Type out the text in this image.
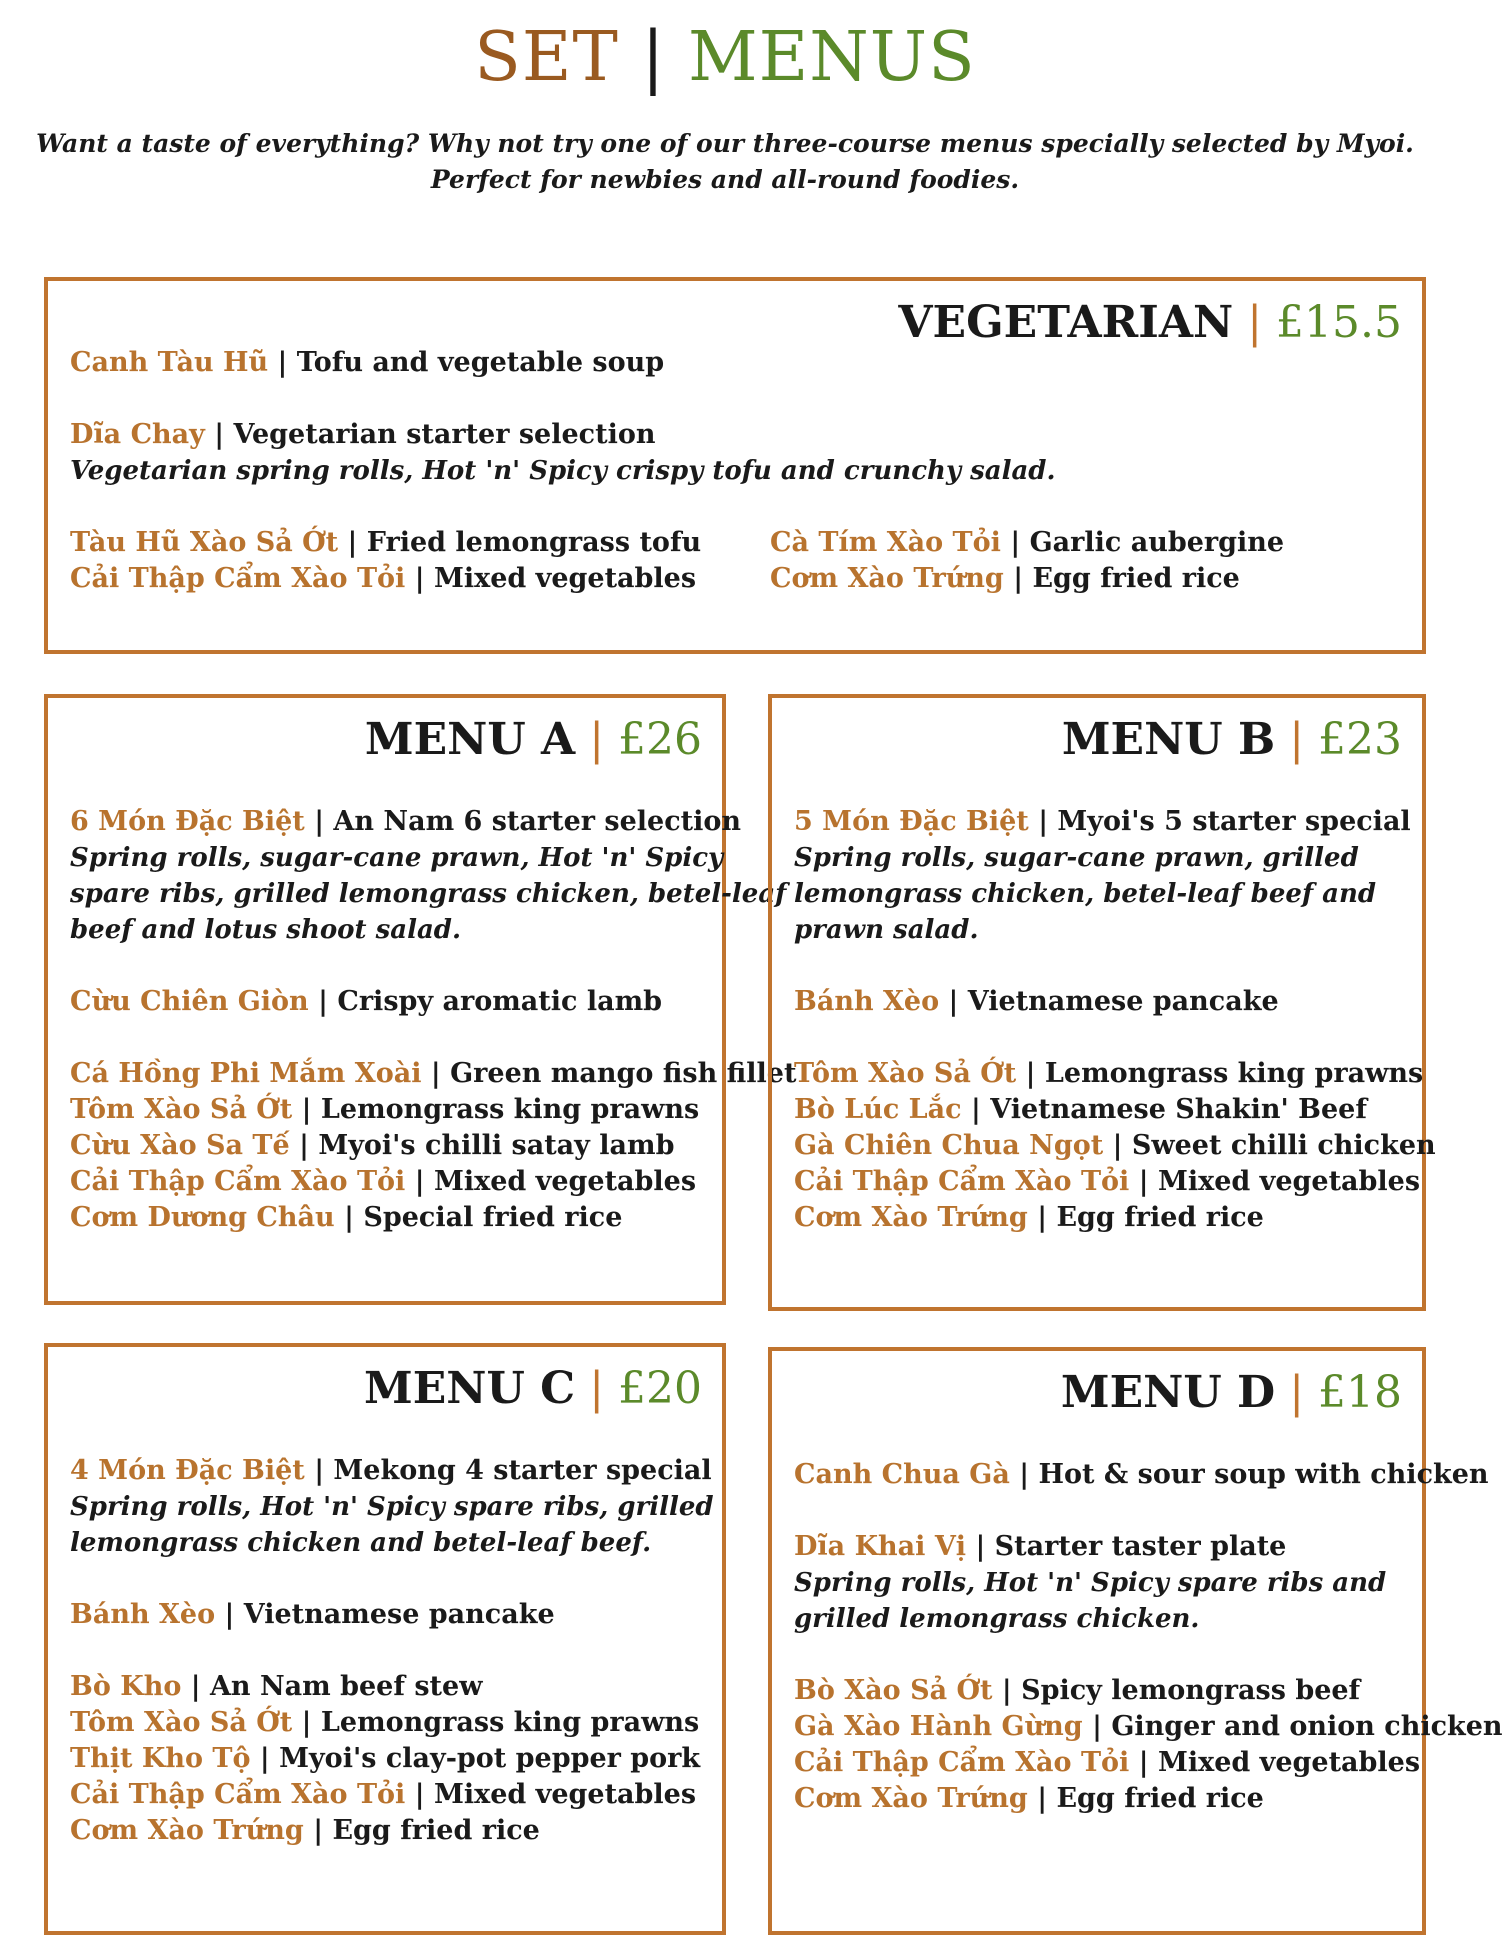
SET | MENUS
Want a taste of everything? Why not try one of our three-course menus specially selected by Myoi.
Perfect for newbies and all-round foodies.
VEGETARIAN | £15.5
Canh Tàu Hũ | Tofu and vegetable soup
Dĩa Chay | Vegetarian starter selection
Vegetarian spring rolls, Hot 'n' Spicy crispy tofu and crunchy salad.
Tàu Hũ Xào Sả Ớt | Fried lemongrass tofu
Cải Thập Cẩm Xào Tỏi | Mixed vegetables
Cà Tím Xào Tỏi | Garlic aubergine
Cơm Xào Trứng | Egg fried rice
MENU A | £26
6 Món Đặc Biệt | An Nam 6 starter selection
Spring rolls, sugar-cane prawn, Hot 'n' Spicy
spare ribs, grilled lemongrass chicken, betel-leaf
beef and lotus shoot salad.
Cừu Chiên Giòn | Crispy aromatic lamb
Cá Hồng Phi Mắm Xoài | Green mango fish fillet
Tôm Xào Sả Ớt | Lemongrass king prawns
Cừu Xào Sa Tế | Myoi's chilli satay lamb
Cải Thập Cẩm Xào Tỏi | Mixed vegetables
Cơm Dương Châu | Special fried rice
MENU B | £23
5 Món Đặc Biệt | Myoi's 5 starter special
Spring rolls, sugar-cane prawn, grilled
lemongrass chicken, betel-leaf beef and
prawn salad.
Bánh Xèo | Vietnamese pancake
Tôm Xào Sả Ớt | Lemongrass king prawns
Bò Lúc Lắc | Vietnamese Shakin' Beef
Gà Chiên Chua Ngọt | Sweet chilli chicken
Cải Thập Cẩm Xào Tỏi | Mixed vegetables
Cơm Xào Trứng | Egg fried rice
MENU C | £20
4 Món Đặc Biệt | Mekong 4 starter special
Spring rolls, Hot 'n' Spicy spare ribs, grilled
lemongrass chicken and betel-leaf beef.
Bánh Xèo | Vietnamese pancake
Bò Kho | An Nam beef stew
Tôm Xào Sả Ớt | Lemongrass king prawns
Thịt Kho Tộ | Myoi's clay-pot pepper pork
Cải Thập Cẩm Xào Tỏi | Mixed vegetables
Cơm Xào Trứng | Egg fried rice
MENU D | £18
Canh Chua Gà | Hot & sour soup with chicken
Dĩa Khai Vị | Starter taster plate
Spring rolls, Hot 'n' Spicy spare ribs and
grilled lemongrass chicken.
Bò Xào Sả Ớt | Spicy lemongrass beef
Gà Xào Hành Gừng | Ginger and onion chicken
Cải Thập Cẩm Xào Tỏi | Mixed vegetables
Cơm Xào Trứng | Egg fried rice
